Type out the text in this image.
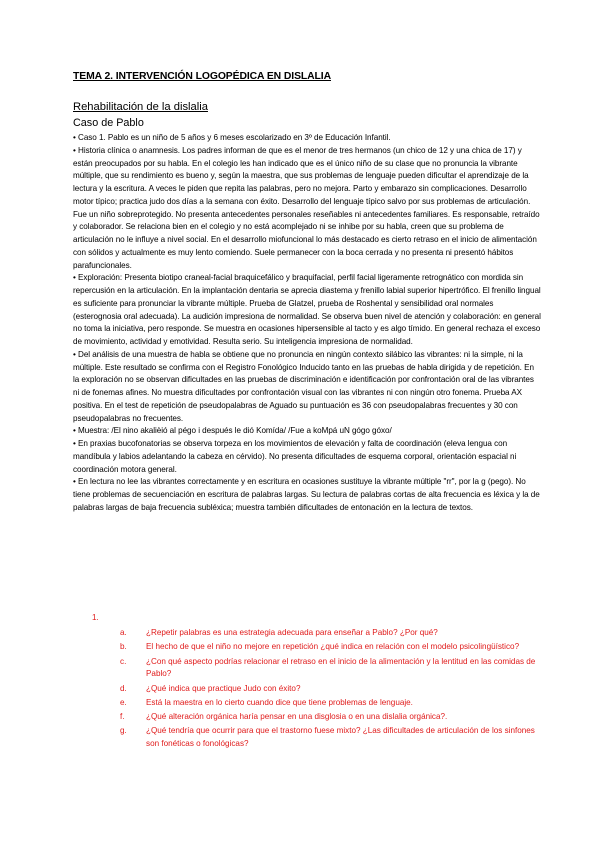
TEMA 2. INTERVENCIÓN LOGOPÉDICA EN DISLALIA
Rehabilitación de la dislalia
Caso de Pablo

• Caso 1. Pablo es un niño de 5 años y 6 meses escolarizado en 3º de Educación Infantil.

• Historia clínica o anamnesis. Los padres informan de que es el menor de tres hermanos (un chico de 12 y una chica de 17) y están preocupados por su habla. En el colegio les han indicado que es el único niño de su clase que no pronuncia la vibrante múltiple, que su rendimiento es bueno y, según la maestra, que sus problemas de lenguaje pueden dificultar el aprendizaje de la lectura y la escritura. A veces le piden que repita las palabras, pero no mejora. Parto y embarazo sin complicaciones. Desarrollo motor típico; practica judo dos días a la semana con éxito. Desarrollo del lenguaje típico salvo por sus problemas de articulación. Fue un niño sobreprotegido. No presenta antecedentes personales reseñables ni antecedentes familiares. Es responsable, retraído y colaborador. Se relaciona bien en el colegio y no está acomplejado ni se inhibe por su habla, creen que su problema de articulación no le influye a nivel social. En el desarrollo miofuncional lo más destacado es cierto retraso en el inicio de alimentación con sólidos y actualmente es muy lento comiendo. Suele permanecer con la boca cerrada y no presenta ni presentó hábitos parafuncionales.

• Exploración: Presenta biotipo craneal-facial braquicefálico y braquifacial, perfil facial ligeramente retrognático con mordida sin repercusión en la articulación. En la implantación dentaria se aprecia diastema y frenillo labial superior hipertrófico. El frenillo lingual es suficiente para pronunciar la vibrante múltiple. Prueba de Glatzel, prueba de Roshental y sensibilidad oral normales (esterognosia oral adecuada). La audición impresiona de normalidad. Se observa buen nivel de atención y colaboración: en general no toma la iniciativa, pero responde. Se muestra en ocasiones hipersensible al tacto y es algo tímido. En general rechaza el exceso de movimiento, actividad y emotividad. Resulta serio. Su inteligencia impresiona de normalidad.

• Del análisis de una muestra de habla se obtiene que no pronuncia en ningún contexto silábico las vibrantes: ni la simple, ni la múltiple. Este resultado se confirma con el Registro Fonológico Inducido tanto en las pruebas de habla dirigida y de repetición. En la exploración no se observan dificultades en las pruebas de discriminación e identificación por confrontación oral de las vibrantes ni de fonemas afines. No muestra dificultades por confrontación visual con las vibrantes ni con ningún otro fonema. Prueba AX positiva. En el test de repetición de pseudopalabras de Aguado su puntuación es 36 con pseudopalabras frecuentes y 30 con pseudopalabras no frecuentes.

• Muestra: /El nino akalièió al pégo i después le dió Komída/ /Fue a koMpá uN gógo góxo/

• En praxias bucofonatorias se observa torpeza en los movimientos de elevación y falta de coordinación (eleva lengua con mandíbula y labios adelantando la cabeza en cérvido). No presenta dificultades de esquema corporal, orientación espacial ni coordinación motora general.

• En lectura no lee las vibrantes correctamente y en escritura en ocasiones sustituye la vibrante múltiple "rr", por la g (pego). No tiene problemas de secuenciación en escritura de palabras largas. Su lectura de palabras cortas de alta frecuencia es léxica y la de palabras largas de baja frecuencia subléxica; muestra también dificultades de entonación en la lectura de textos.

1.

a. ¿Repetir palabras es una estrategia adecuada para enseñar a Pablo? ¿Por qué?
b. El hecho de que el niño no mejore en repetición ¿qué indica en relación con el modelo psicolingüístico?
c. ¿Con qué aspecto podrías relacionar el retraso en el inicio de la alimentación y la lentitud en las comidas de Pablo?
d. ¿Qué indica que practique Judo con éxito?
e. Está la maestra en lo cierto cuando dice que tiene problemas de lenguaje.
f.	¿Qué alteración orgánica haría pensar en una disglosia o en una dislalia orgánica?.
g. ¿Qué tendría que ocurrir para que el trastorno fuese mixto? ¿Las dificultades de articulación de los sinfones son fonéticas o fonológicas?
